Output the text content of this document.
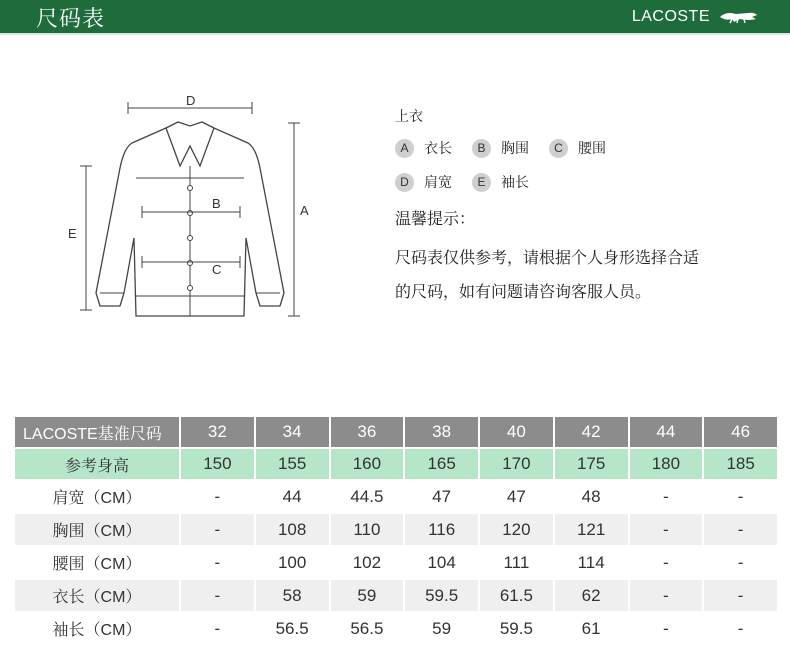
尺码表	LACOSTE
D
A
E
B
C
上衣
A	衣长	B	胸围	C	腰围
D	肩宽	E	袖长
温馨提示：
尺码表仅供参考，请根据个人身形选择合适
的尺码，如有问题请咨询客服人员。
LACOSTE基准尺码	32	34	36	38	40	42	44	46
参考身高	150	155	160	165	170	175	180	185
肩宽（CM）	-	44	44.5	47	47	48	-	-
胸围（CM）	-	108	110	116	120	121	-	-
腰围（CM）	-	100	102	104	111	114	-	-
衣长（CM）	-	58	59	59.5	61.5	62	-	-
袖长（CM）	-	56.5	56.5	59	59.5	61	-	-
